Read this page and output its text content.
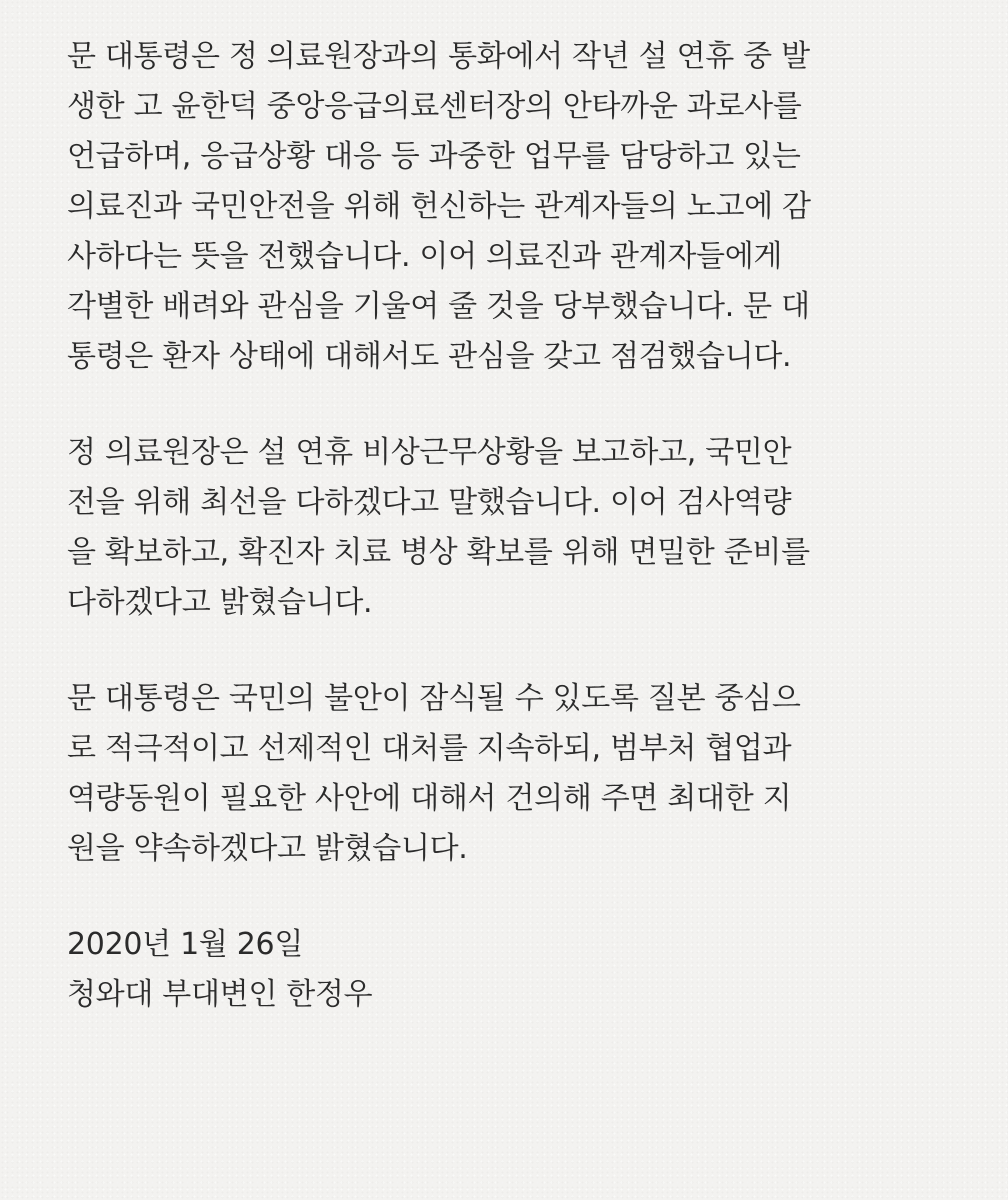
문 대통령은 정 의료원장과의 통화에서 작년 설 연휴 중 발
생한 고 윤한덕 중앙응급의료센터장의 안타까운 과로사를
언급하며, 응급상황 대응 등 과중한 업무를 담당하고 있는
의료진과 국민안전을 위해 헌신하는 관계자들의 노고에 감
사하다는 뜻을 전했습니다. 이어 의료진과 관계자들에게
각별한 배려와 관심을 기울여 줄 것을 당부했습니다. 문 대
통령은 환자 상태에 대해서도 관심을 갖고 점검했습니다.
정 의료원장은 설 연휴 비상근무상황을 보고하고, 국민안
전을 위해 최선을 다하겠다고 말했습니다. 이어 검사역량
을 확보하고, 확진자 치료 병상 확보를 위해 면밀한 준비를
다하겠다고 밝혔습니다.
문 대통령은 국민의 불안이 잠식될 수 있도록 질본 중심으
로 적극적이고 선제적인 대처를 지속하되, 범부처 협업과
역량동원이 필요한 사안에 대해서 건의해 주면 최대한 지
원을 약속하겠다고 밝혔습니다.
2020년 1월 26일
청와대 부대변인 한정우
